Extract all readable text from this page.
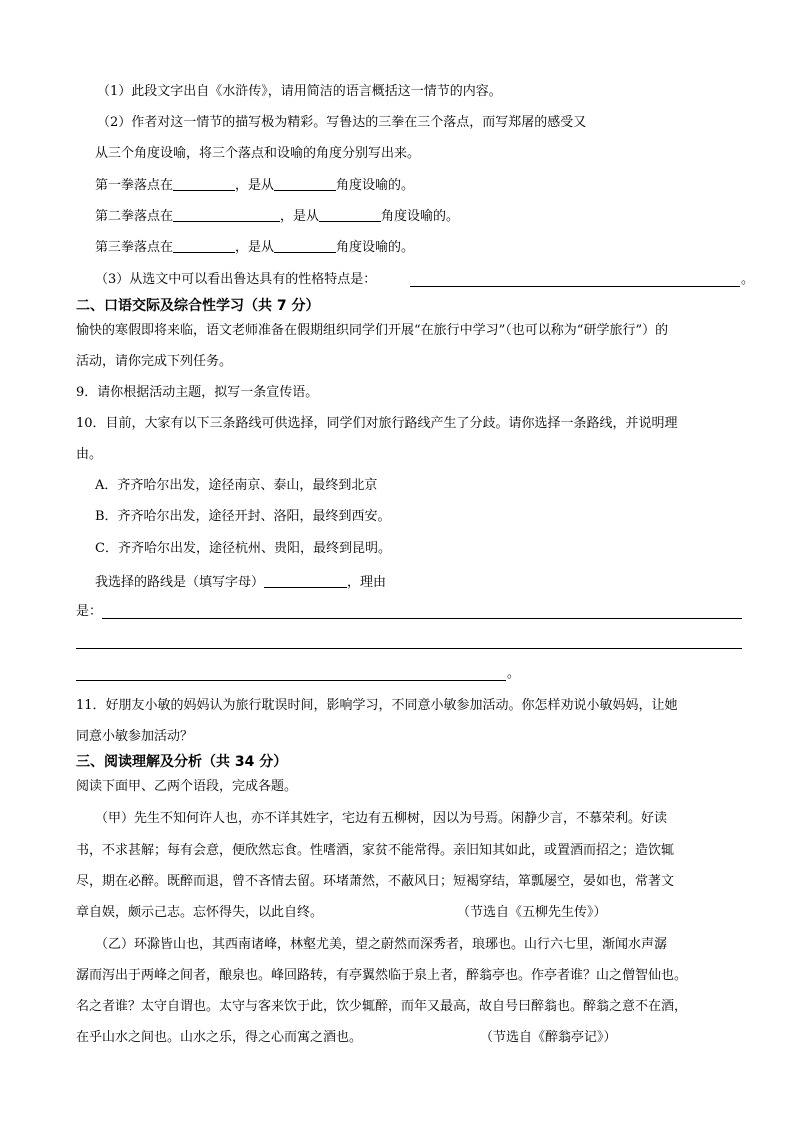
（1）此段文字出自《水浒传》，请用简洁的语言概括这一情节的内容。
（2）作者对这一情节的描写极为精彩。写鲁达的三拳在三个落点，而写郑屠的感受又
从三个角度设喻，将三个落点和设喻的角度分别写出来。
第一拳落点在	，是从	角度设喻的。
第二拳落点在	，是从	角度设喻的。
第三拳落点在	，是从	角度设喻的。
（3）从选文中可以看出鲁达具有的性格特点是：	。
二、口语交际及综合性学习（共 7 分）
愉快的寒假即将来临，语文老师准备在假期组织同学们开展“在旅行中学习”（也可以称为“研学旅行”）的
活动，请你完成下列任务。
9．请你根据活动主题，拟写一条宣传语。
10．目前，大家有以下三条路线可供选择，同学们对旅行路线产生了分歧。请你选择一条路线，并说明理
由。
A．齐齐哈尔出发，途径南京、泰山，最终到北京
B．齐齐哈尔出发，途径开封、洛阳，最终到西安。
C．齐齐哈尔出发，途径杭州、贵阳，最终到昆明。
我选择的路线是（填写字母）	，理由
是：
。
11．好朋友小敏的妈妈认为旅行耽误时间，影响学习，不同意小敏参加活动。你怎样劝说小敏妈妈，让她
同意小敏参加活动？
三、阅读理解及分析（共 34 分）
阅读下面甲、乙两个语段，完成各题。
（甲）先生不知何许人也，亦不详其姓字，宅边有五柳树，因以为号焉。闲静少言，不慕荣利。好读
书，不求甚解；每有会意，便欣然忘食。性嗜酒，家贫不能常得。亲旧知其如此，或置酒而招之；造饮辄
尽，期在必醉。既醉而退，曾不吝情去留。环堵萧然，不蔽风日；短褐穿结，箪瓢屡空，晏如也，常著文
章自娱，颇示己志。忘怀得失，以此自终。	（节选自《五柳先生传》）
（乙）环滁皆山也，其西南诸峰，林壑尤美，望之蔚然而深秀者，琅琊也。山行六七里，渐闻水声潺
潺而泻出于两峰之间者，酿泉也。峰回路转，有亭翼然临于泉上者，醉翁亭也。作亭者谁？山之僧智仙也。
名之者谁？太守自谓也。太守与客来饮于此，饮少辄醉，而年又最高，故自号曰醉翁也。醉翁之意不在酒，
在乎山水之间也。山水之乐，得之心而寓之酒也。	（节选自《醉翁亭记》）
